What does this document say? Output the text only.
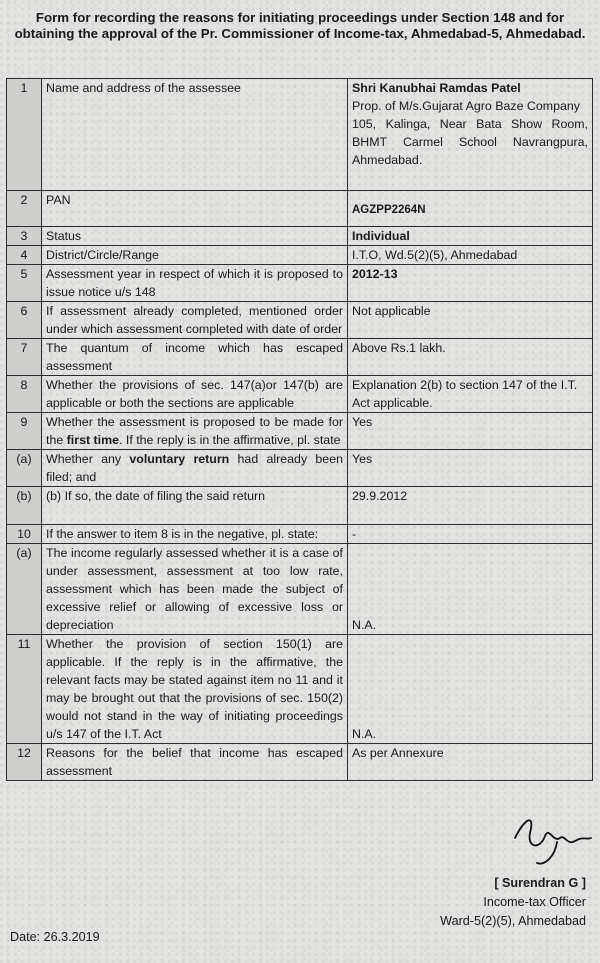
Form for recording the reasons for initiating proceedings under Section 148 and for obtaining the approval of the Pr. Commissioner of Income-tax, Ahmedabad-5, Ahmedabad.
1	Name and address of the assessee	Shri Kanubhai Ramdas Patel
Prop. of M/s.Gujarat Agro Baze Company
105, Kalinga, Near Bata Show Room, BHMT Carmel School Navrangpura, Ahmedabad.

2	PAN	AGZPP2264N

3	Status	Individual
4	District/Circle/Range	I.T.O, Wd.5(2)(5), Ahmedabad
5	Assessment year in respect of which it is proposed to issue notice u/s 148	2012-13
6	If assessment already completed, mentioned order under which assessment completed with date of order	Not applicable
7	The quantum of income which has escaped assessment	Above Rs.1 lakh.
8	Whether the provisions of sec. 147(a)or 147(b) are applicable or both the sections are applicable	Explanation 2(b) to section 147 of the I.T. Act applicable.
9	Whether the assessment is proposed to be made for the first time. If the reply is in the affirmative, pl. state	Yes
(a)	Whether any voluntary return had already been filed; and	Yes
(b)	(b) If so, the date of filing the said return	29.9.2012
10	If the answer to item 8 is in the negative, pl. state:	-
(a)	The income regularly assessed whether it is a case of under assessment, assessment at too low rate, assessment which has been made the subject of excessive relief or allowing of excessive loss or depreciation	N.A.
11	Whether the provision of section 150(1) are applicable. If the reply is in the affirmative, the relevant facts may be stated against item no 11 and it may be brought out that the provisions of sec. 150(2) would not stand in the way of initiating proceedings u/s 147 of the I.T. Act	N.A.
12	Reasons for the belief that income has escaped assessment	As per Annexure
[ Surendran G ]
Income-tax Officer
Ward-5(2)(5), Ahmedabad
Date: 26.3.2019
